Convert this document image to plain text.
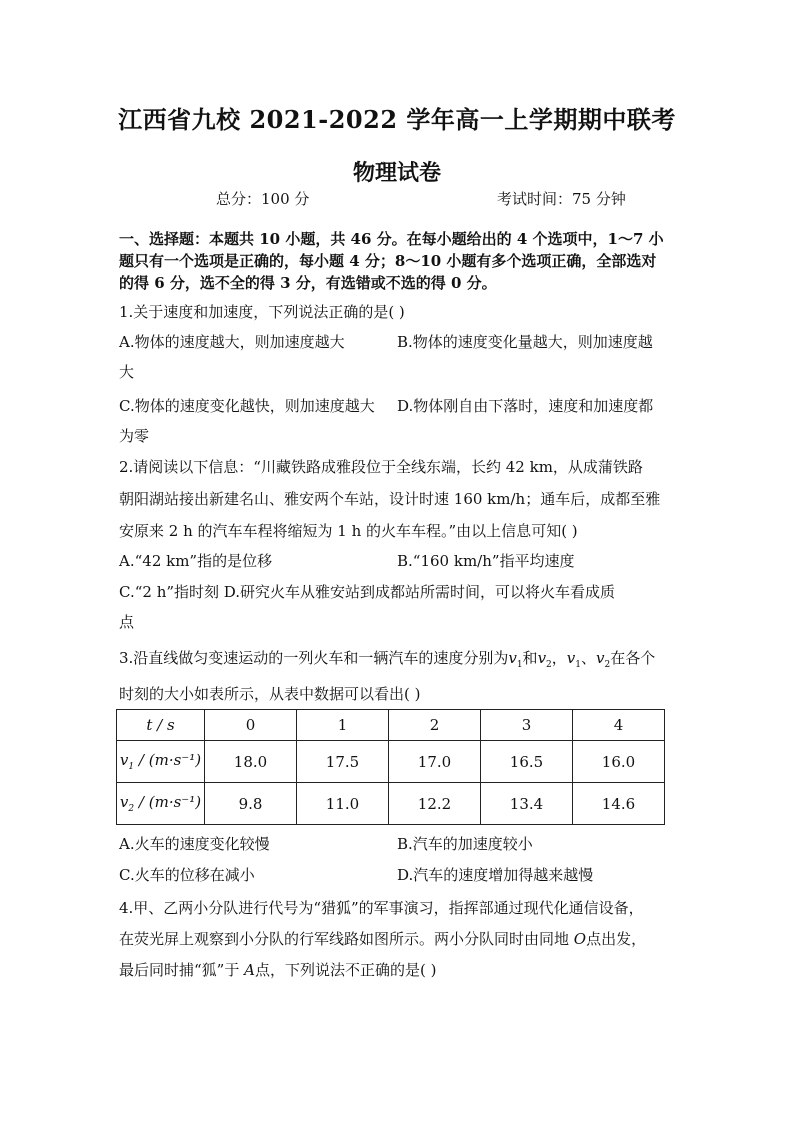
江西省九校 2021-2022 学年高一上学期期中联考
物理试卷
总分：100 分	考试时间：75 分钟
一、选择题：本题共 10 小题，共 46 分。在每小题给出的 4 个选项中，1～7 小
题只有一个选项是正确的，每小题 4 分；8～10 小题有多个选项正确，全部选对
的得 6 分，选不全的得 3 分，有选错或不选的得 0 分。
1.关于速度和加速度，下列说法正确的是( )
A.物体的速度越大，则加速度越大	B.物体的速度变化量越大，则加速度越
大
C.物体的速度变化越快，则加速度越大 D.物体刚自由下落时，速度和加速度都
为零
2.请阅读以下信息：“川藏铁路成雅段位于全线东端，长约 42 km，从成蒲铁路
朝阳湖站接出新建名山、雅安两个车站，设计时速 160 km/h；通车后，成都至雅
安原来 2 h 的汽车车程将缩短为 1 h 的火车车程。”由以上信息可知( )
A.“42 km”指的是位移	B.“160 km/h”指平均速度
C.“2 h”指时刻 D.研究火车从雅安站到成都站所需时间，可以将火车看成质
点
3.沿直线做匀变速运动的一列火车和一辆汽车的速度分别为$v_1$和$v_2$，$v_1$、$v_2$在各个
时刻的大小如表所示，从表中数据可以看出( )
t / s	0	1	2	3	4
$v_1 / (m\cdot s^{-1})$	18.0	17.5	17.0	16.5	16.0
$v_2 / (m\cdot s^{-1})$	9.8	11.0	12.2	13.4	14.6
A.火车的速度变化较慢	B.汽车的加速度较小
C.火车的位移在减小	D.汽车的速度增加得越来越慢
4.甲、乙两小分队进行代号为“猎狐”的军事演习，指挥部通过现代化通信设备，
在荧光屏上观察到小分队的行军线路如图所示。两小分队同时由同地 O点出发，
最后同时捕“狐”于 A点，下列说法不正确的是( )
